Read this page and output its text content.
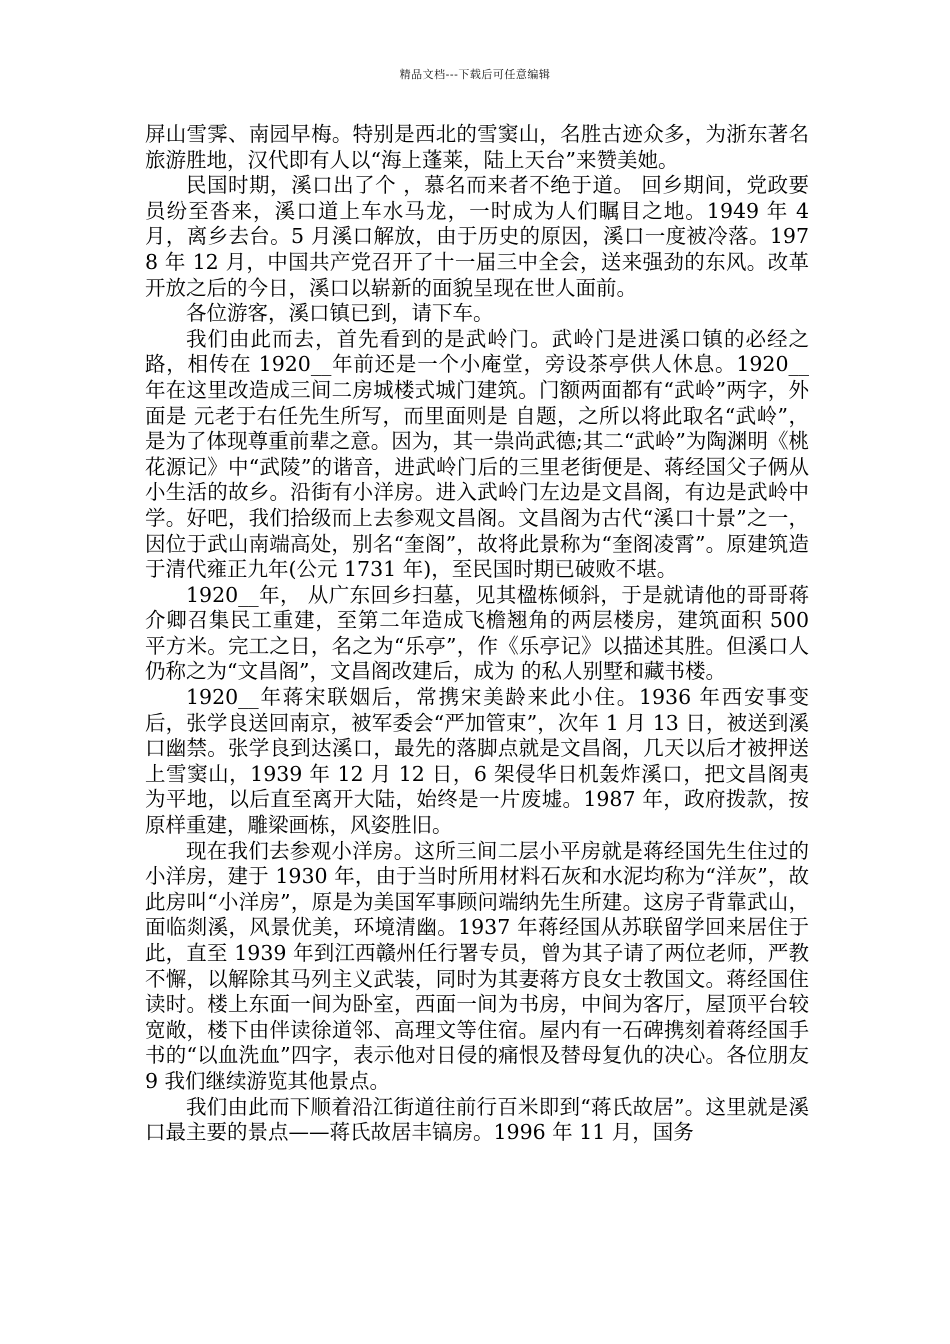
精品文档---下载后可任意编辑

屏山雪霁、南园早梅。特别是西北的雪窦山，名胜古迹众多，为浙东著名旅游胜地，汉代即有人以“海上蓬莱，陆上天台”来赞美她。

民国时期，溪口出了个 ，慕名而来者不绝于道。 回乡期间，党政要员纷至沓来，溪口道上车水马龙，一时成为人们瞩目之地。1949 年 4 月，离乡去台。5 月溪口解放，由于历史的原因，溪口一度被冷落。1978 年 12 月，中国共产党召开了十一届三中全会，送来强劲的东风。改革开放之后的今日，溪口以崭新的面貌呈现在世人面前。

各位游客，溪口镇已到，请下车。

我们由此而去，首先看到的是武岭门。武岭门是进溪口镇的必经之路，相传在 1920__年前还是一个小庵堂，旁设茶亭供人休息。1920__年在这里改造成三间二房城楼式城门建筑。门额两面都有“武岭”两字，外面是 元老于右任先生所写，而里面则是 自题，之所以将此取名“武岭”，是为了体现尊重前辈之意。因为，其一祟尚武德;其二“武岭”为陶渊明《桃花源记》中“武陵”的谐音，进武岭门后的三里老街便是、蒋经国父子俩从小生活的故乡。沿街有小洋房。进入武岭门左边是文昌阁，有边是武岭中学。好吧，我们拾级而上去参观文昌阁。文昌阁为古代“溪口十景”之一，因位于武山南端高处，别名“奎阁”，故将此景称为“奎阁凌霄”。原建筑造于清代雍正九年(公元 1731 年)，至民国时期已破败不堪。

1920__年， 从广东回乡扫墓，见其楹栋倾斜，于是就请他的哥哥蒋介卿召集民工重建，至第二年造成飞檐翘角的两层楼房，建筑面积 500 平方米。完工之日，名之为“乐亭”，作《乐亭记》以描述其胜。但溪口人仍称之为“文昌阁”，文昌阁改建后，成为 的私人别墅和藏书楼。

1920__年蒋宋联姻后，常携宋美龄来此小住。1936 年西安事变后，张学良送回南京，被军委会“严加管束”，次年 1 月 13 日，被送到溪口幽禁。张学良到达溪口，最先的落脚点就是文昌阁，几天以后才被押送上雪窦山，1939 年 12 月 12 日，6 架侵华日机轰炸溪口，把文昌阁夷为平地，以后直至离开大陆，始终是一片废墟。1987 年，政府拨款，按原样重建，雕梁画栋，风姿胜旧。

现在我们去参观小洋房。这所三间二层小平房就是蒋经国先生住过的小洋房，建于 1930 年，由于当时所用材料石灰和水泥均称为“洋灰”，故此房叫“小洋房”，原是为美国军事顾问端纳先生所建。这房子背靠武山，面临剡溪，风景优美，环境清幽。1937 年蒋经国从苏联留学回来居住于此，直至 1939 年到江西赣州任行署专员，曾为其子请了两位老师，严教不懈，以解除其马列主义武装，同时为其妻蒋方良女士教国文。蒋经国住读时。楼上东面一间为卧室，西面一间为书房，中间为客厅，屋顶平台较宽敞，楼下由伴读徐道邻、高理文等住宿。屋内有一石碑携刻着蒋经国手书的“以血洗血”四字，表示他对日侵的痛恨及替母复仇的决心。各位朋友 9 我们继续游览其他景点。

我们由此而下顺着沿江街道往前行百米即到“蒋氏故居”。这里就是溪口最主要的景点——蒋氏故居丰镐房。1996 年 11 月，国务
